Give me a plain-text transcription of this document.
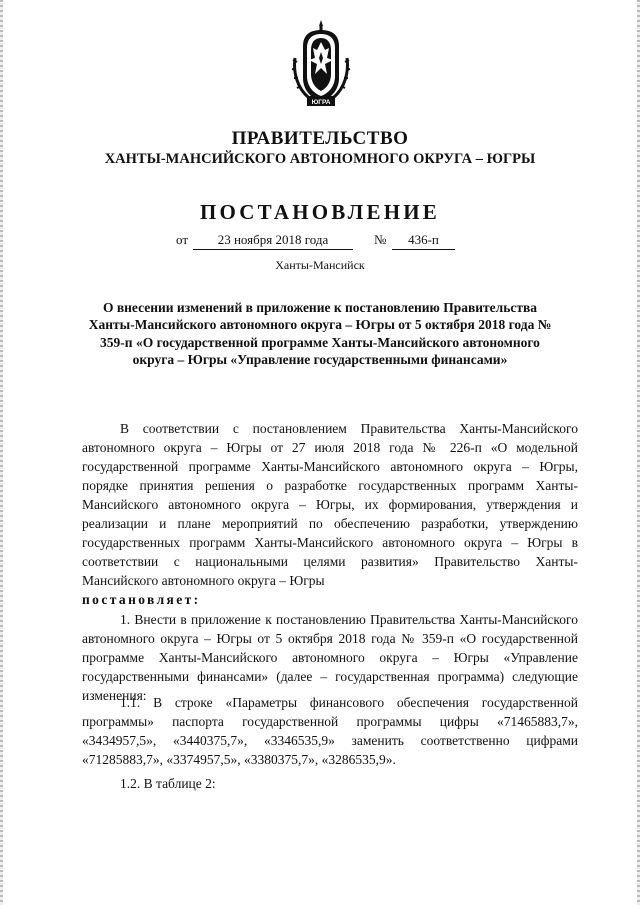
ЮГРА
ПРАВИТЕЛЬСТВО
ХАНТЫ-МАНСИЙСКОГО АВТОНОМНОГО ОКРУГА – ЮГРЫ
ПОСТАНОВЛЕНИЕ
от	23 ноября 2018 года	№	436-п
Ханты-Мансийск
О внесении изменений в приложение к постановлению Правительства Ханты-Мансийского автономного округа – Югры от 5 октября 2018 года № 359-п «О государственной программе Ханты-Мансийского автономного округа – Югры «Управление государственными финансами»
В соответствии с постановлением Правительства Ханты-Мансийского автономного округа – Югры от 27 июля 2018 года № 226-п «О модельной государственной программе Ханты-Мансийского автономного округа – Югры, порядке принятия решения о разработке государственных программ Ханты-Мансийского автономного округа – Югры, их формирования, утверждения и реализации и плане мероприятий по обеспечению разработки, утверждению государственных программ Ханты-Мансийского автономного округа – Югры в соответствии с национальными целями развития» Правительство Ханты-Мансийского автономного округа – Югры
постановляет:
1. Внести в приложение к постановлению Правительства Ханты-Мансийского автономного округа – Югры от 5 октября 2018 года № 359-п «О государственной программе Ханты-Мансийского автономного округа – Югры «Управление государственными финансами» (далее – государственная программа) следующие изменения:
1.1. В строке «Параметры финансового обеспечения государственной программы» паспорта государственной программы цифры «71465883,7», «3434957,5», «3440375,7», «3346535,9» заменить соответственно цифрами «71285883,7», «3374957,5», «3380375,7», «3286535,9».
1.2. В таблице 2:
